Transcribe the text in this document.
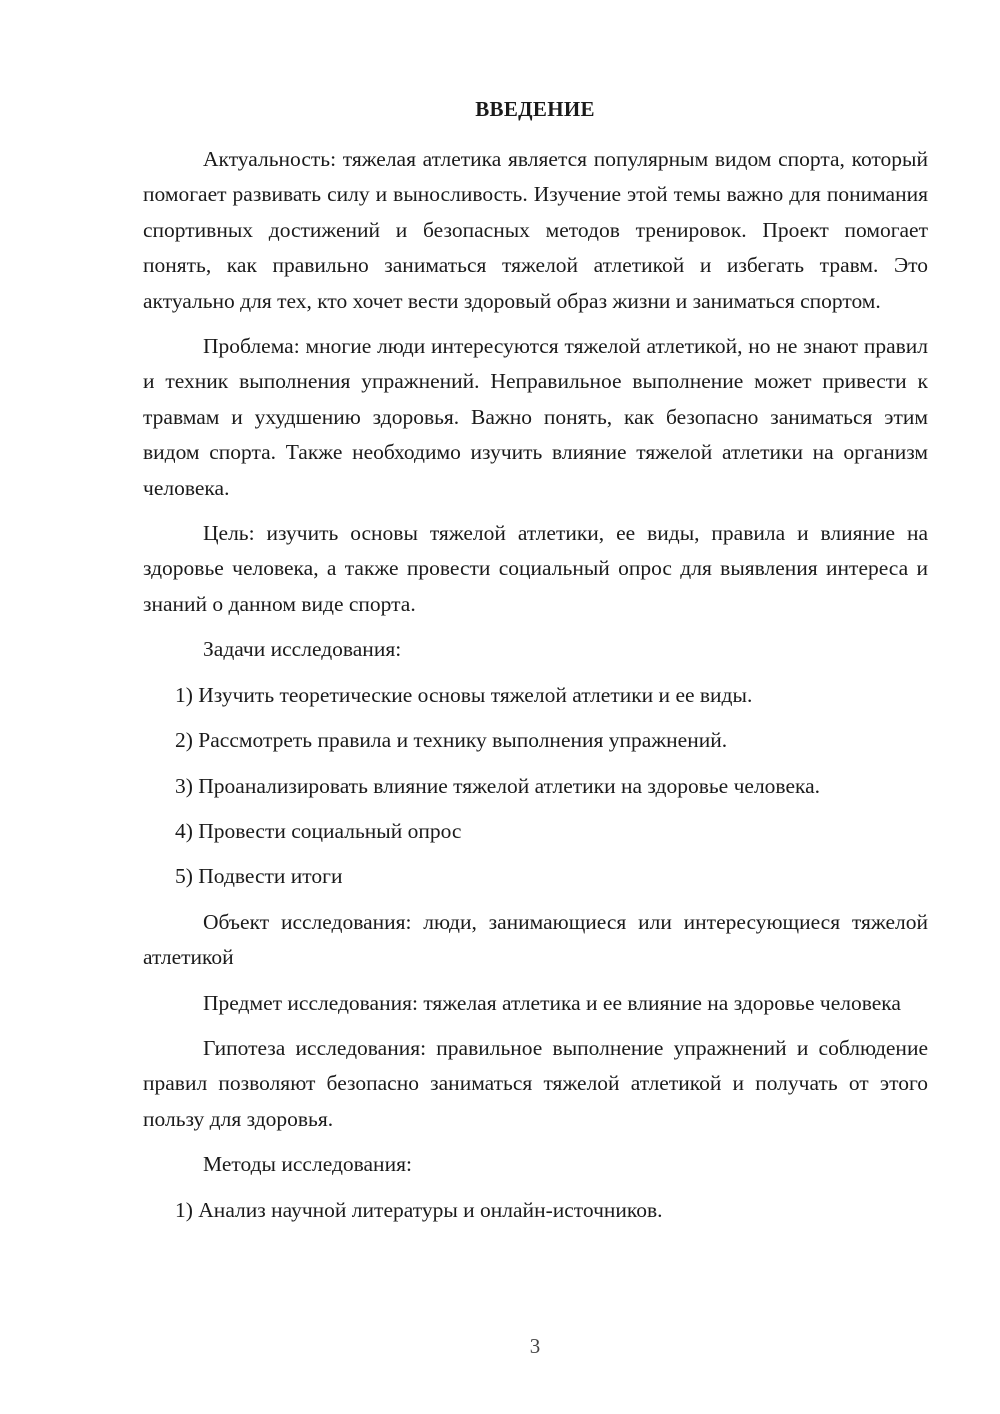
ВВЕДЕНИЕ

Актуальность: тяжелая атлетика является популярным видом спорта, который помогает развивать силу и выносливость. Изучение этой темы важно для понимания спортивных достижений и безопасных методов тренировок. Проект помогает понять, как правильно заниматься тяжелой атлетикой и избегать травм. Это актуально для тех, кто хочет вести здоровый образ жизни и заниматься спортом.

Проблема: многие люди интересуются тяжелой атлетикой, но не знают правил и техник выполнения упражнений. Неправильное выполнение может привести к травмам и ухудшению здоровья. Важно понять, как безопасно заниматься этим видом спорта. Также необходимо изучить влияние тяжелой атлетики на организм человека.

Цель: изучить основы тяжелой атлетики, ее виды, правила и влияние на здоровье человека, а также провести социальный опрос для выявления интереса и знаний о данном виде спорта.

Задачи исследования:

1) Изучить теоретические основы тяжелой атлетики и ее виды.

2) Рассмотреть правила и технику выполнения упражнений.

3) Проанализировать влияние тяжелой атлетики на здоровье человека.

4) Провести социальный опрос

5) Подвести итоги

Объект исследования: люди, занимающиеся или интересующиеся тяжелой атлетикой

Предмет исследования: тяжелая атлетика и ее влияние на здоровье человека

Гипотеза исследования: правильное выполнение упражнений и соблюдение правил позволяют безопасно заниматься тяжелой атлетикой и получать от этого пользу для здоровья.

Методы исследования:

1) Анализ научной литературы и онлайн-источников.

3
